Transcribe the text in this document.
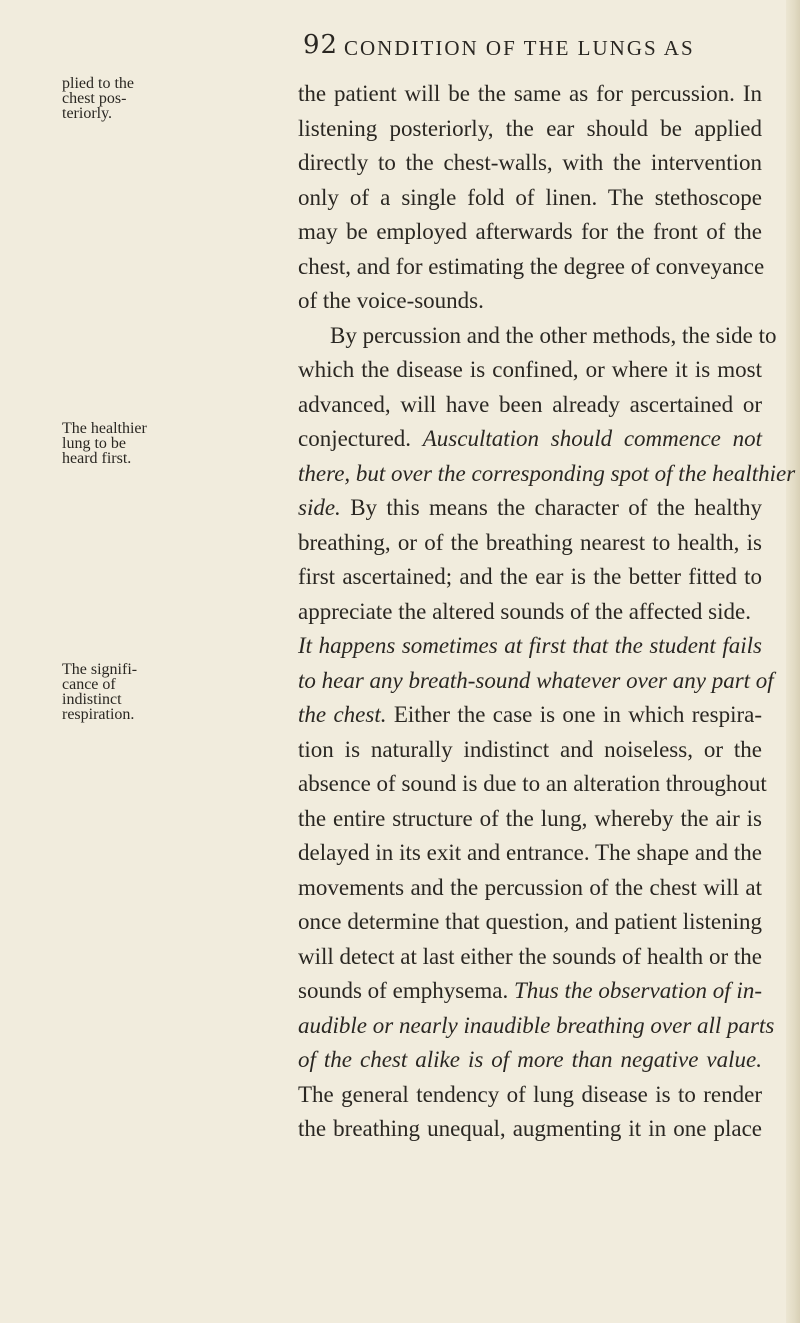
92 CONDITION OF THE LUNGS AS
plied to the
chest pos-
teriorly.
The healthier
lung to be
heard first.
The signifi-
cance of
indistinct
respiration.
the patient will be the same as for percussion. In
listening posteriorly, the ear should be applied
directly to the chest-walls, with the intervention
only of a single fold of linen. The stethoscope
may be employed afterwards for the front of the
chest, and for estimating the degree of conveyance
of the voice-sounds.
By percussion and the other methods, the side to
which the disease is confined, or where it is most
advanced, will have been already ascertained or
conjectured. Auscultation should commence not
there, but over the corresponding spot of the healthier
side. By this means the character of the healthy
breathing, or of the breathing nearest to health, is
first ascertained; and the ear is the better fitted to
appreciate the altered sounds of the affected side.
It happens sometimes at first that the student fails
to hear any breath-sound whatever over any part of
the chest. Either the case is one in which respira-
tion is naturally indistinct and noiseless, or the
absence of sound is due to an alteration throughout
the entire structure of the lung, whereby the air is
delayed in its exit and entrance. The shape and the
movements and the percussion of the chest will at
once determine that question, and patient listening
will detect at last either the sounds of health or the
sounds of emphysema. Thus the observation of in-
audible or nearly inaudible breathing over all parts
of the chest alike is of more than negative value.
The general tendency of lung disease is to render
the breathing unequal, augmenting it in one place
